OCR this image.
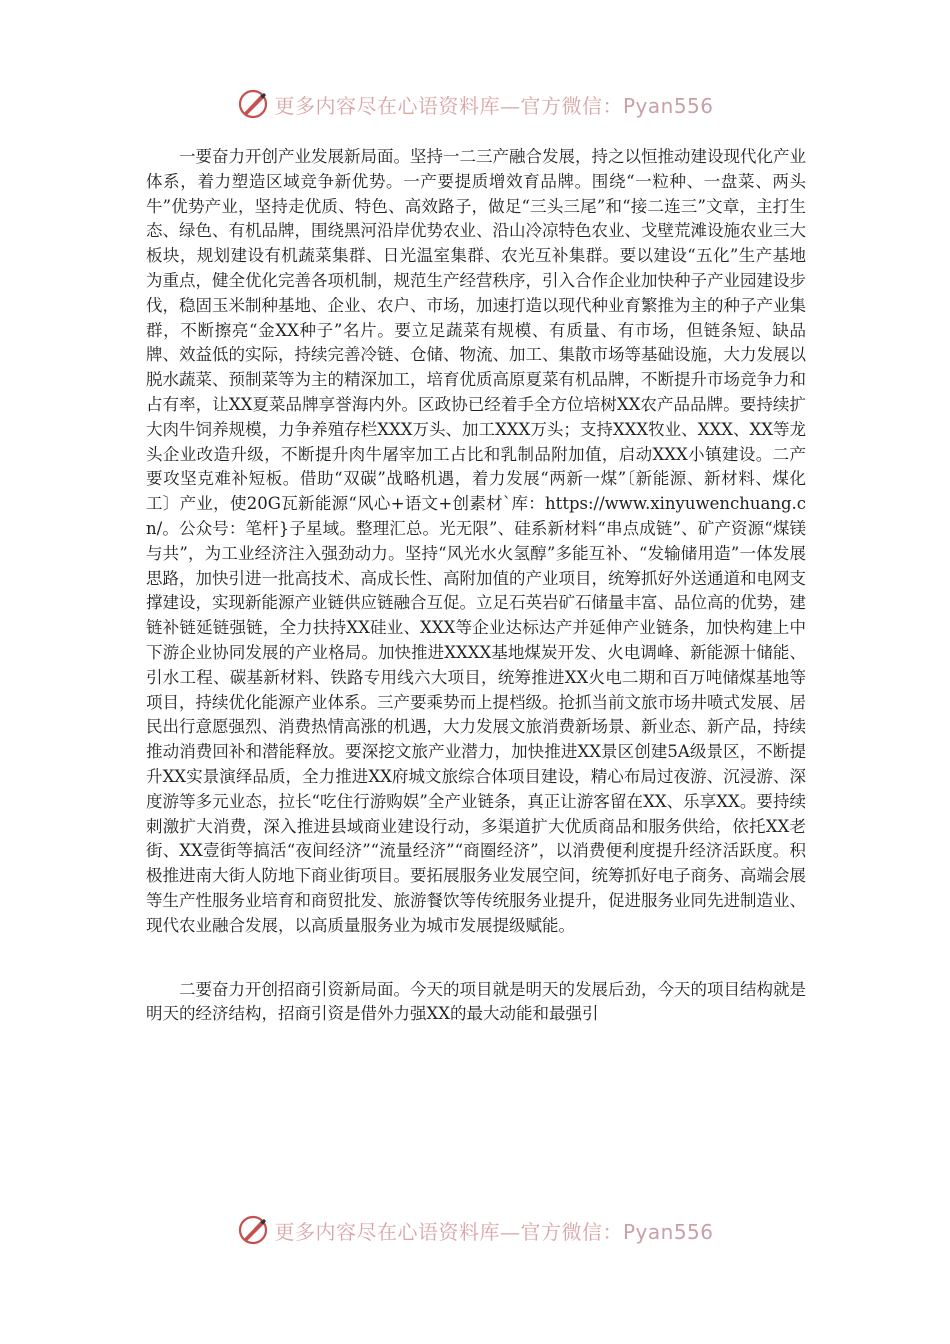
更多内容尽在心语资料库—官方微信：Pyan556

一要奋力开创产业发展新局面。坚持一二三产融合发展，持之以恒推动建设现代化产业体系，着力塑造区域竞争新优势。一产要提质增效育品牌。围绕“一粒种、一盘菜、两头牛”优势产业，坚持走优质、特色、高效路子，做足“三头三尾”和“接二连三”文章，主打生态、绿色、有机品牌，围绕黑河沿岸优势农业、沿山冷凉特色农业、戈壁荒滩设施农业三大板块，规划建设有机蔬菜集群、日光温室集群、农光互补集群。要以建设“五化”生产基地为重点，健全优化完善各项机制，规范生产经营秩序，引入合作企业加快种子产业园建设步伐，稳固玉米制种基地、企业、农户、市场，加速打造以现代种业育繁推为主的种子产业集群，不断擦亮“金XX种子”名片。要立足蔬菜有规模、有质量、有市场，但链条短、缺品牌、效益低的实际，持续完善冷链、仓储、物流、加工、集散市场等基础设施，大力发展以脱水蔬菜、预制菜等为主的精深加工，培育优质高原夏菜有机品牌，不断提升市场竞争力和占有率，让XX夏菜品牌享誉海内外。区政协已经着手全方位培树XX农产品品牌。要持续扩大肉牛饲养规模，力争养殖存栏XXX万头、加工XXX万头；支持XXX牧业、XXX、XX等龙头企业改造升级，不断提升肉牛屠宰加工占比和乳制品附加值，启动XXX小镇建设。二产要攻坚克难补短板。借助“双碳”战略机遇，着力发展“两新一煤”〔新能源、新材料、煤化工〕产业，使20G瓦新能源“风心+语文+创素材`库：https://www.xinyuwenchuang.cn/。公众号：笔杆}子星域。整理汇总。光无限”、硅系新材料“串点成链”、矿产资源“煤镁与共”，为工业经济注入强劲动力。坚持“风光水火氢醇”多能互补、“发输储用造”一体发展思路，加快引进一批高技术、高成长性、高附加值的产业项目，统筹抓好外送通道和电网支撑建设，实现新能源产业链供应链融合互促。立足石英岩矿石储量丰富、品位高的优势，建链补链延链强链，全力扶持XX硅业、XXX等企业达标达产并延伸产业链条，加快构建上中下游企业协同发展的产业格局。加快推进XXXX基地煤炭开发、火电调峰、新能源十储能、引水工程、碳基新材料、铁路专用线六大项目，统筹推进XX火电二期和百万吨储煤基地等项目，持续优化能源产业体系。三产要乘势而上提档级。抢抓当前文旅市场井喷式发展、居民出行意愿强烈、消费热情高涨的机遇，大力发展文旅消费新场景、新业态、新产品，持续推动消费回补和潜能释放。要深挖文旅产业潜力，加快推进XX景区创建5A级景区，不断提升XX实景演绎品质，全力推进XX府城文旅综合体项目建设，精心布局过夜游、沉浸游、深度游等多元业态，拉长“吃住行游购娱”全产业链条，真正让游客留在XX、乐享XX。要持续刺激扩大消费，深入推进县域商业建设行动，多渠道扩大优质商品和服务供给，依托XX老街、XX壹街等搞活“夜间经济”“流量经济”“商圈经济”，以消费便利度提升经济活跃度。积极推进南大街人防地下商业街项目。要拓展服务业发展空间，统筹抓好电子商务、高端会展等生产性服务业培育和商贸批发、旅游餐饮等传统服务业提升，促进服务业同先进制造业、现代农业融合发展，以高质量服务业为城市发展提级赋能。

二要奋力开创招商引资新局面。今天的项目就是明天的发展后劲，今天的项目结构就是明天的经济结构，招商引资是借外力强XX的最大动能和最强引

更多内容尽在心语资料库—官方微信：Pyan556
